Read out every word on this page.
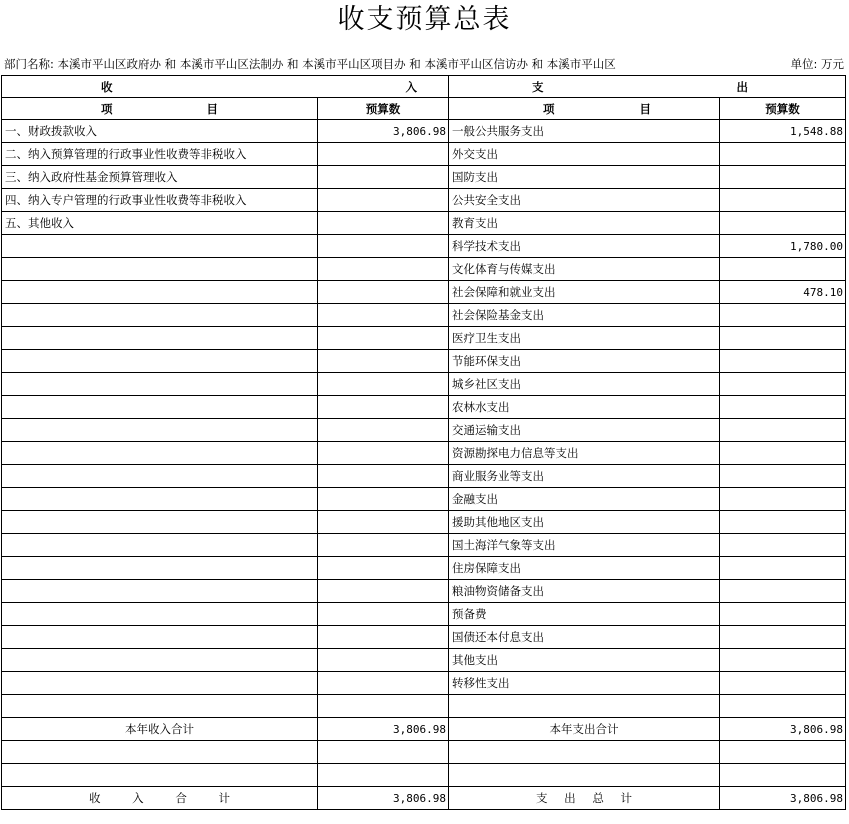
收支预算总表
部门名称: 本溪市平山区政府办 和 本溪市平山区法制办 和 本溪市平山区项目办 和 本溪市平山区信访办 和 本溪市平山区	单位: 万元
收 入		支 出	

项 目	预算数	项 目	预算数
一、财政拨款收入	3,806.98	一般公共服务支出	1,548.88
二、纳入预算管理的行政事业性收费等非税收入		外交支出	
三、纳入政府性基金预算管理收入		国防支出	
四、纳入专户管理的行政事业性收费等非税收入		公共安全支出	
五、其他收入		教育支出	
		科学技术支出	1,780.00
		文化体育与传媒支出	
		社会保障和就业支出	478.10
		社会保险基金支出	
		医疗卫生支出	
		节能环保支出	
		城乡社区支出	
		农林水支出	
		交通运输支出	
		资源勘探电力信息等支出	
		商业服务业等支出	
		金融支出	
		援助其他地区支出	
		国土海洋气象等支出	
		住房保障支出	
		粮油物资储备支出	
		预备费	
		国债还本付息支出	
		其他支出	
		转移性支出	

本年收入合计	3,806.98	本年支出合计	3,806.98

收 入 合 计	3,806.98	支 出 总 计	3,806.98
